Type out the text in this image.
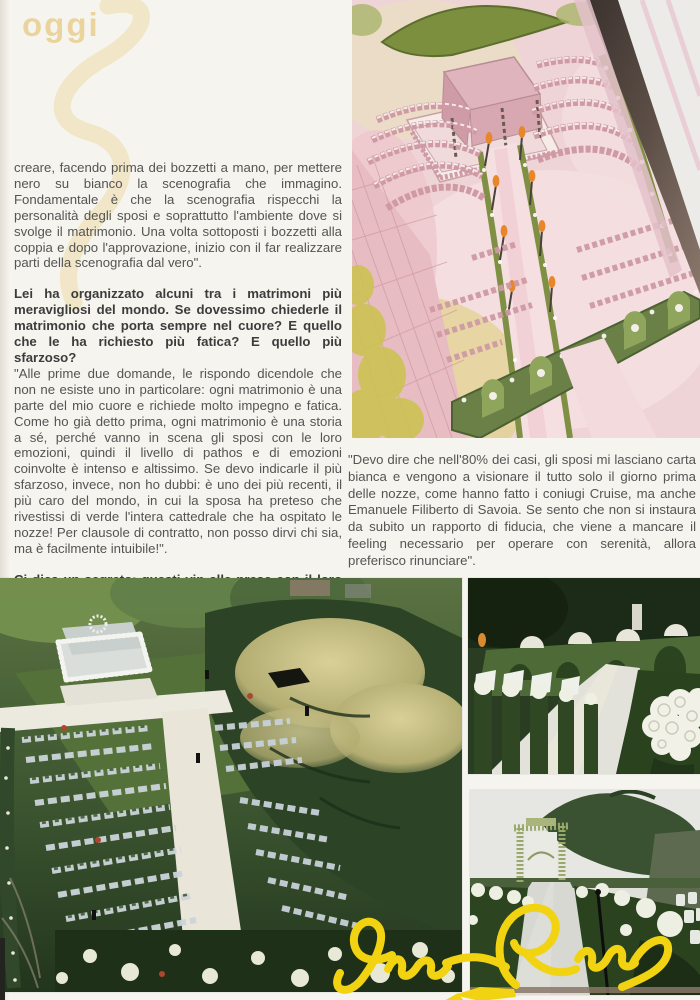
oggi

creare, facendo prima dei bozzetti a mano, per mettere nero su bianco la scenografia che immagino. Fondamentale è che la scenografia rispecchi la personalità degli sposi e soprattutto l'ambiente dove si svolge il matrimonio. Una volta sottoposti i bozzetti alla coppia e dopo l'approvazione, inizio con il far realizzare parti della scenografia dal vero".

Lei ha organizzato alcuni tra i matrimoni più meravigliosi del mondo. Se dovessimo chiederle il matrimonio che porta sempre nel cuore? E quello che le ha richiesto più fatica? E quello più sfarzoso?

"Alle prime due domande, le rispondo dicendole che non ne esiste uno in particolare: ogni matrimonio è una parte del mio cuore e richiede molto impegno e fatica. Come ho già detto prima, ogni matrimonio è una storia a sé, perché vanno in scena gli sposi con le loro emozioni, quindi il livello di pathos e di emozioni coinvolte è intenso e altissimo. Se devo indicarle il più sfarzoso, invece, non ho dubbi: è uno dei più recenti, il più caro del mondo, in cui la sposa ha preteso che rivestissi di verde l'intera cattedrale che ha ospitato le nozze! Per clausole di contratto, non posso dirvi chi sia, ma è facilmente intuibile!".

"Devo dire che nell'80% dei casi, gli sposi mi lasciano carta bianca e vengono a visionare il tutto solo il giorno prima delle nozze, come hanno fatto i coniugi Cruise, ma anche Emanuele Filiberto di Savoia. Se sento che non si instaura da subito un rapporto di fiducia, che viene a mancare il feeling necessario per operare con serenità, allora preferisco rinunciare".
